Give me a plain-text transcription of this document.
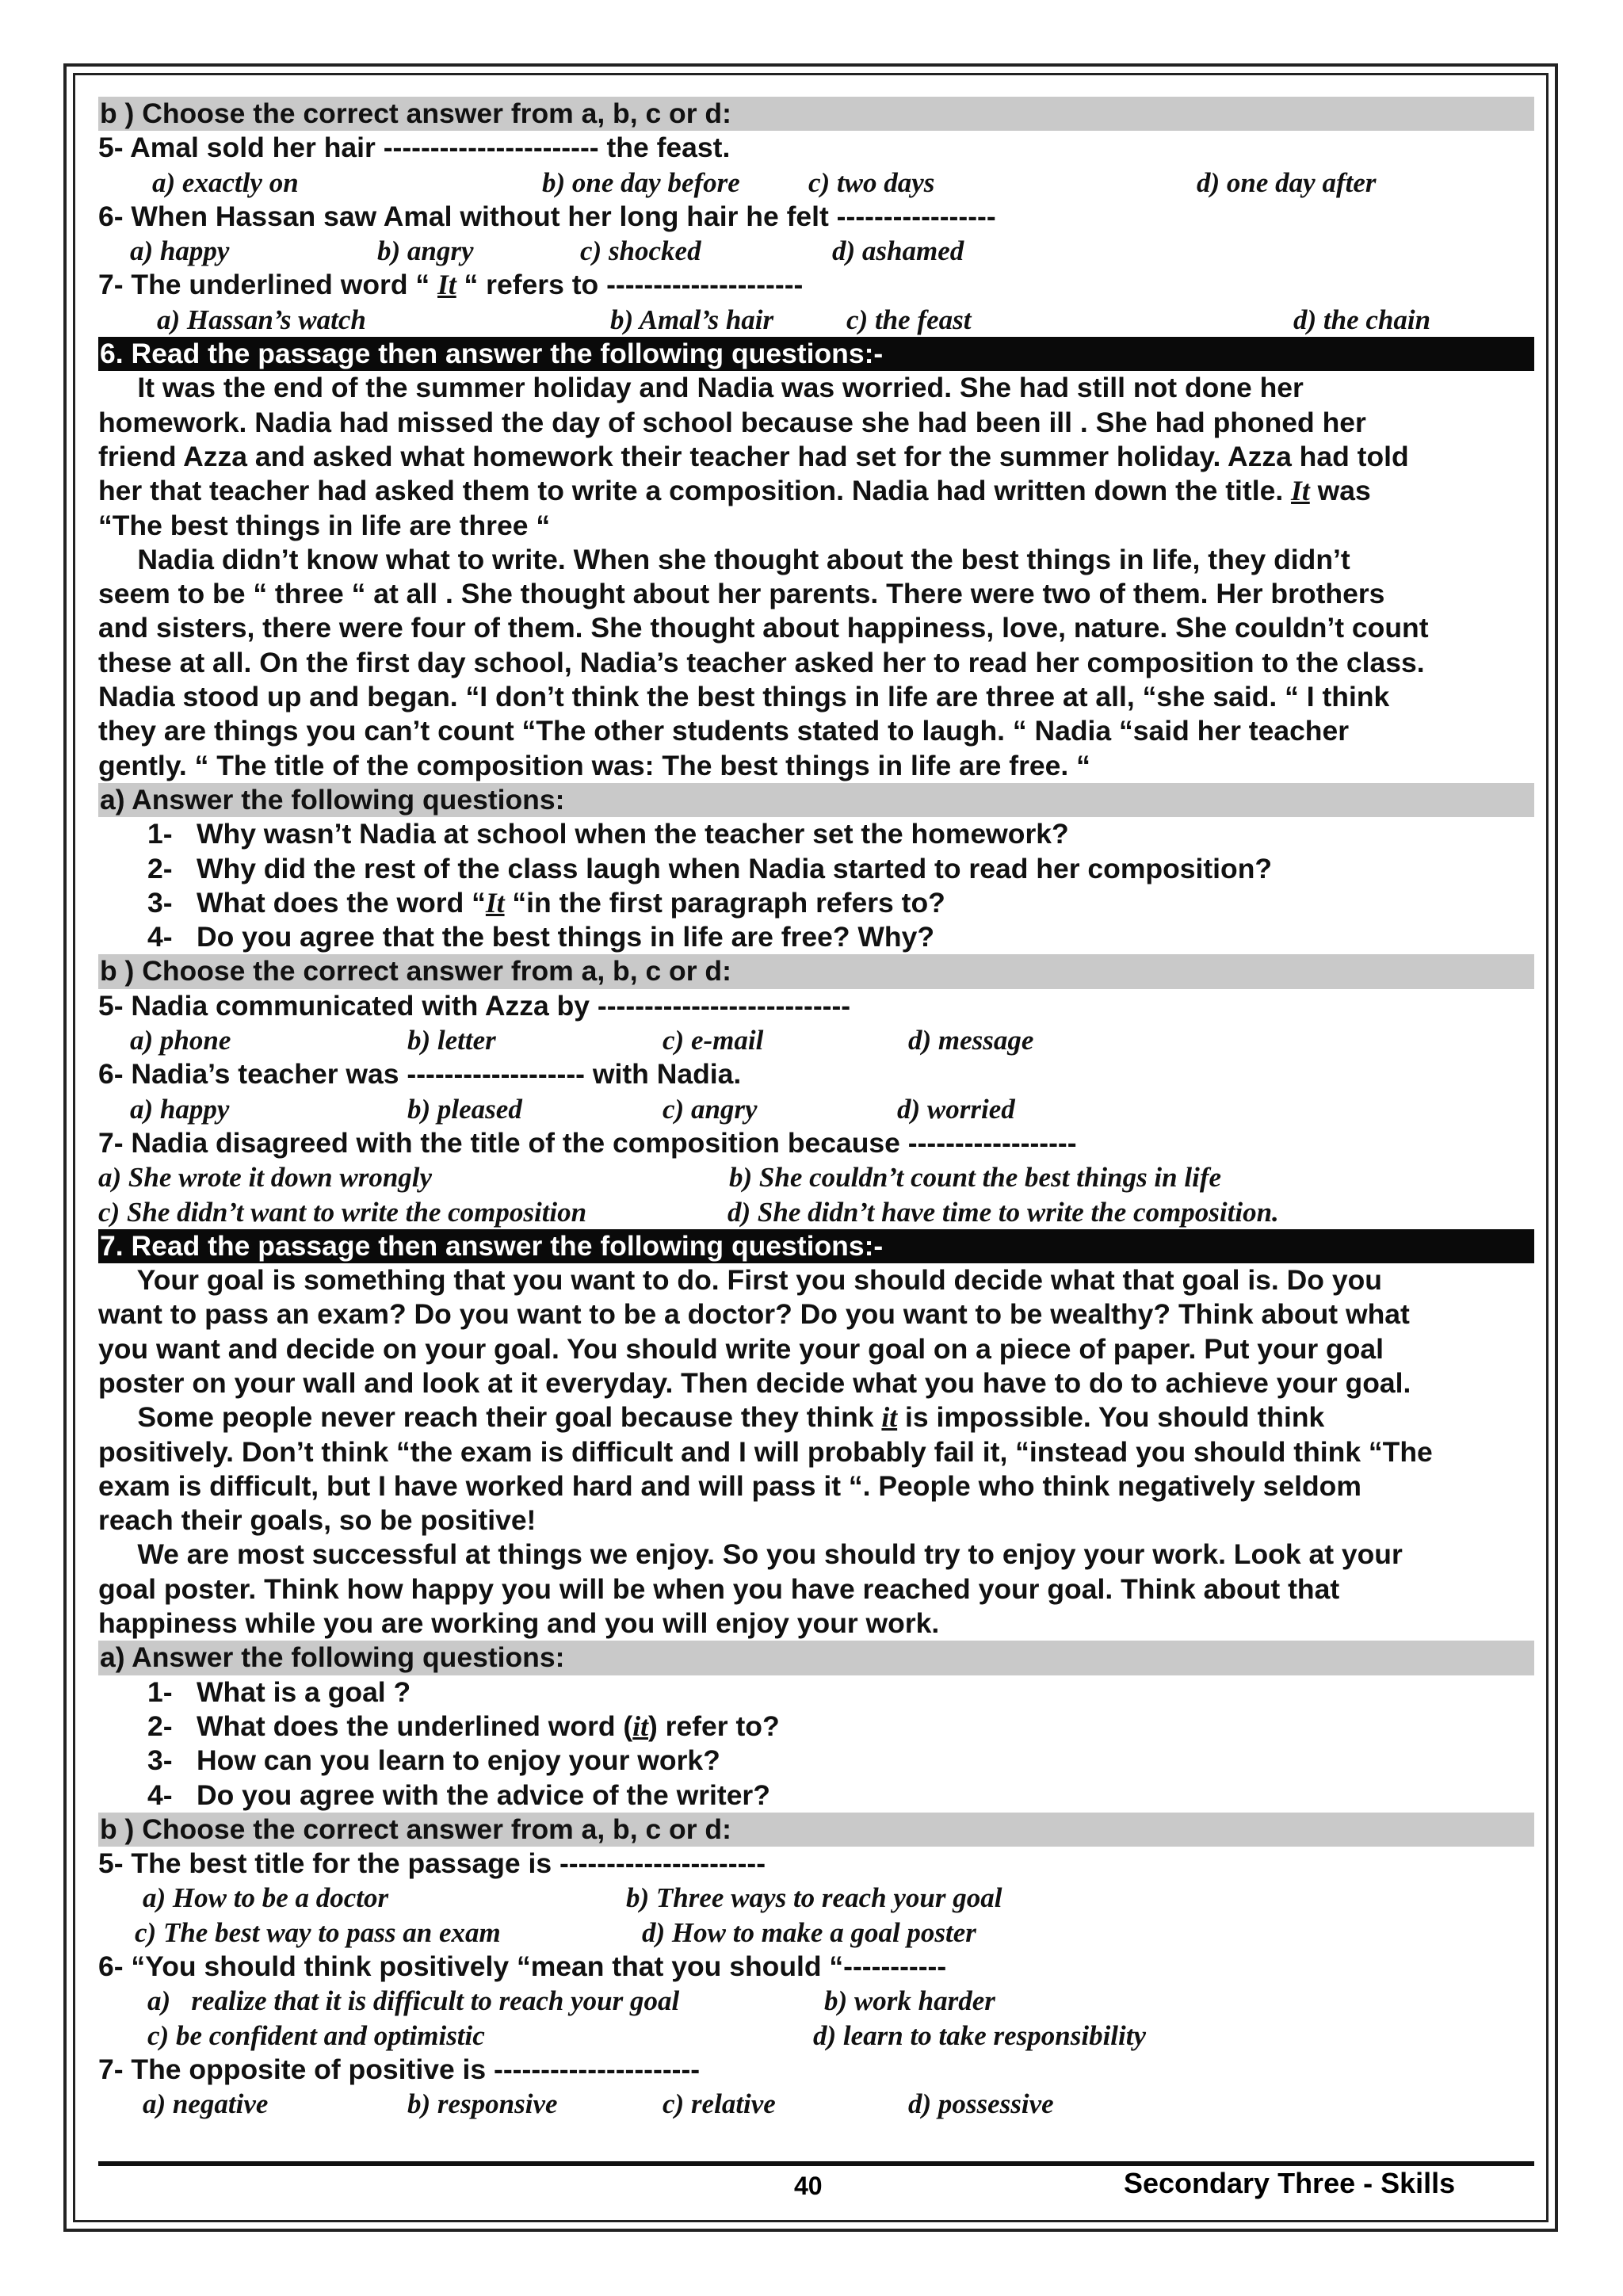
b ) Choose the correct answer from a, b, c or d:
5- Amal sold her hair ----------------------- the feast.
a) exactly on	b) one day before c) two days	d) one day after
6- When Hassan saw Amal without her long hair he felt -----------------
a) happy	b) angry	c) shocked	d) ashamed
7- The underlined word “ It “ refers to ---------------------
a) Hassan’s watch	b) Amal’s hair	c) the feast	d) the chain
6. Read the passage then answer the following questions:-
It was the end of the summer holiday and Nadia was worried. She had still not done her
homework. Nadia had missed the day of school because she had been ill . She had phoned her
friend Azza and asked what homework their teacher had set for the summer holiday. Azza had told
her that teacher had asked them to write a composition. Nadia had written down the title. It was
“The best things in life are three “
Nadia didn’t know what to write. When she thought about the best things in life, they didn’t
seem to be “ three “ at all . She thought about her parents. There were two of them. Her brothers
and sisters, there were four of them. She thought about happiness, love, nature. She couldn’t count
these at all. On the first day school, Nadia’s teacher asked her to read her composition to the class.
Nadia stood up and began. “I don’t think the best things in life are three at all, “she said. “ I think
they are things you can’t count “The other students stated to laugh. “ Nadia “said her teacher
gently. “ The title of the composition was: The best things in life are free. “
a) Answer the following questions:
1- Why wasn’t Nadia at school when the teacher set the homework?
2- Why did the rest of the class laugh when Nadia started to read her composition?
3- What does the word “It “in the first paragraph refers to?
4- Do you agree that the best things in life are free? Why?
b ) Choose the correct answer from a, b, c or d:
5- Nadia communicated with Azza by ---------------------------
a) phone	b) letter	c) e-mail	d) message
6- Nadia’s teacher was ------------------- with Nadia.
a) happy	b) pleased	c) angry	d) worried
7- Nadia disagreed with the title of the composition because ------------------
a) She wrote it down wrongly	b) She couldn’t count the best things in life
c) She didn’t want to write the composition	d) She didn’t have time to write the composition.
7. Read the passage then answer the following questions:-
Your goal is something that you want to do. First you should decide what that goal is. Do you
want to pass an exam? Do you want to be a doctor? Do you want to be wealthy? Think about what
you want and decide on your goal. You should write your goal on a piece of paper. Put your goal
poster on your wall and look at it everyday. Then decide what you have to do to achieve your goal.
Some people never reach their goal because they think it is impossible. You should think
positively. Don’t think “the exam is difficult and I will probably fail it, “instead you should think “The
exam is difficult, but I have worked hard and will pass it “. People who think negatively seldom
reach their goals, so be positive!
We are most successful at things we enjoy. So you should try to enjoy your work. Look at your
goal poster. Think how happy you will be when you have reached your goal. Think about that
happiness while you are working and you will enjoy your work.
a) Answer the following questions:
1- What is a goal ?
2- What does the underlined word (it) refer to?
3- How can you learn to enjoy your work?
4- Do you agree with the advice of the writer?
b ) Choose the correct answer from a, b, c or d:
5- The best title for the passage is ----------------------
a) How to be a doctor	b) Three ways to reach your goal
c) The best way to pass an exam	d) How to make a goal poster
6- “You should think positively “mean that you should “-----------
a)   realize that it is difficult to reach your goal	b) work harder
c) be confident and optimistic	d) learn to take responsibility
7- The opposite of positive is ----------------------
a) negative	b) responsive	c) relative	d) possessive
40	Secondary Three - Skills
